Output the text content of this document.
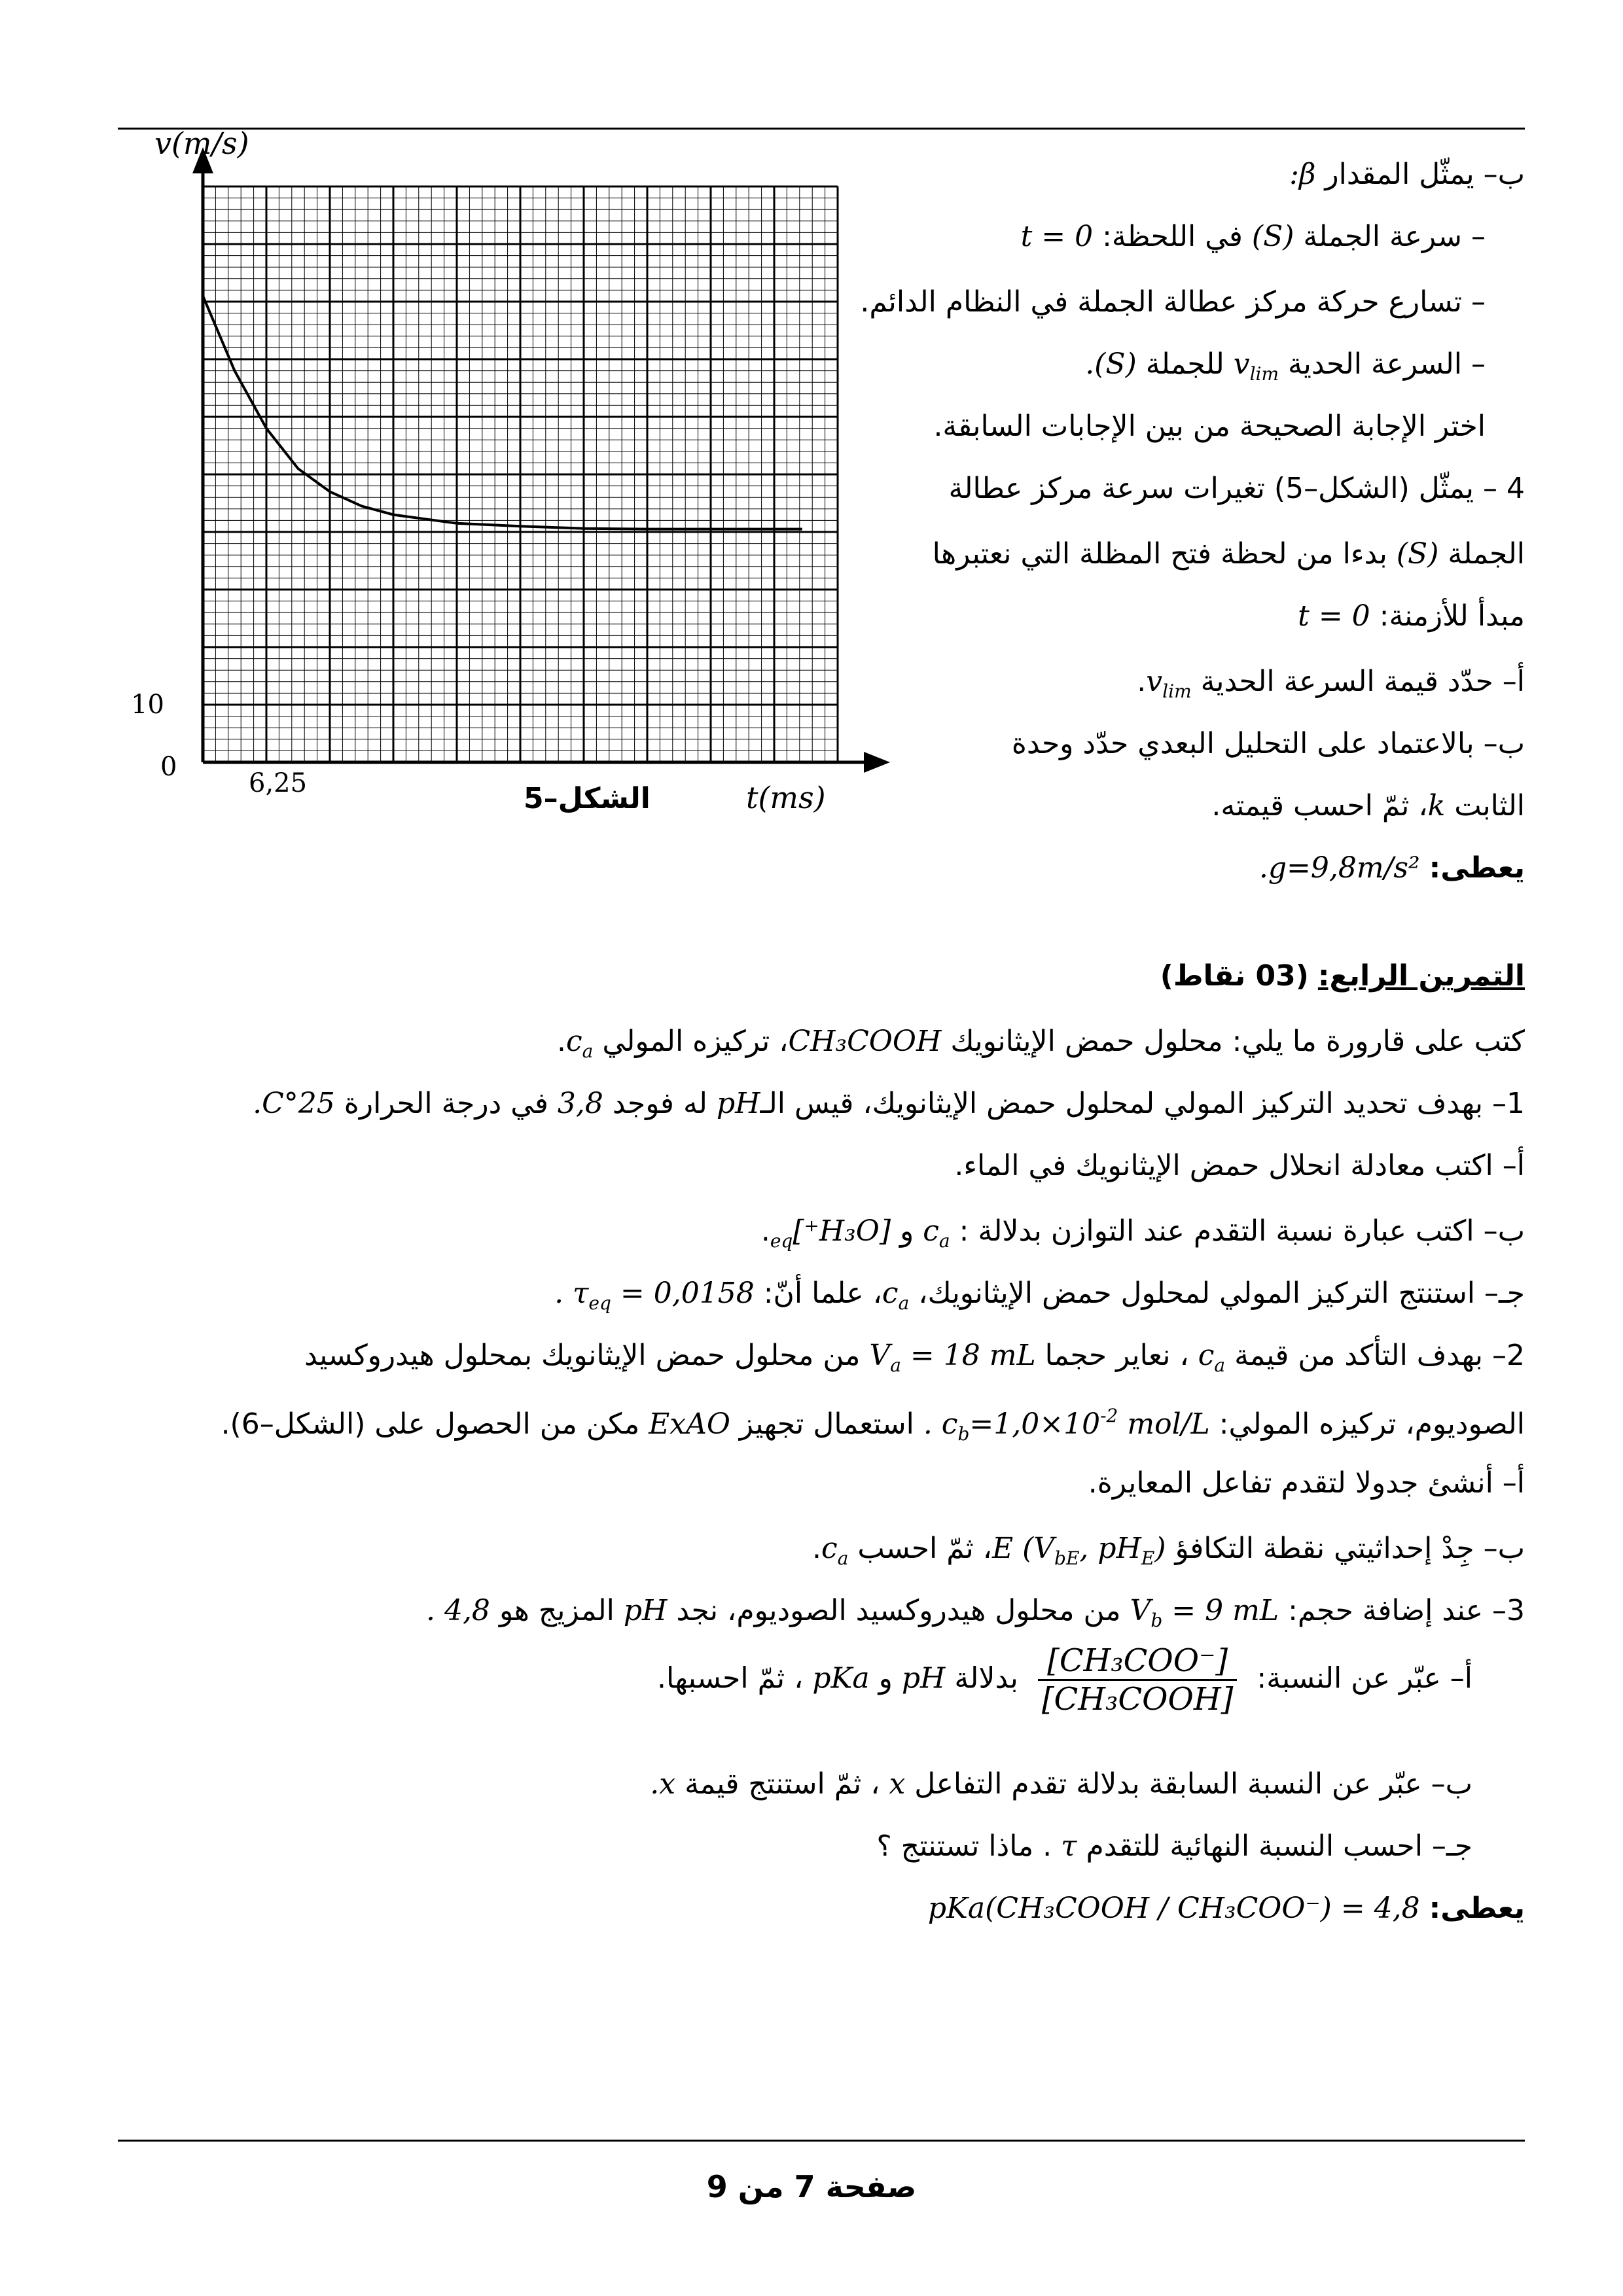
v(m/s)
t(ms)
10
0
6,25	الشكل–5
ب– يمثّل المقدار β:
– سرعة الجملة (S) في اللحظة: t = 0
– تسارع حركة مركز عطالة الجملة في النظام الدائم.
– السرعة الحدية $v_{lim}$ للجملة (S).
اختر الإجابة الصحيحة من بين الإجابات السابقة.
4 – يمثّل (الشكل–5) تغيرات سرعة مركز عطالة
الجملة (S) بدءا من لحظة فتح المظلة التي نعتبرها
مبدأ للأزمنة: t = 0
أ– حدّد قيمة السرعة الحدية $v_{lim}$.
ب– بالاعتماد على التحليل البعدي حدّد وحدة
الثابت k، ثمّ احسب قيمته.
يعطى: g=9,8m/s².
التمرين الرابع: (03 نقاط)
كتب على قارورة ما يلي: محلول حمض الإيثانويك CH₃COOH، تركيزه المولي $c_a$.
1– بهدف تحديد التركيز المولي لمحلول حمض الإيثانويك، قيس الـpH له فوجد 3,8 في درجة الحرارة 25°C.
أ– اكتب معادلة انحلال حمض الإيثانويك في الماء.
ب– اكتب عبارة نسبة التقدم عند التوازن بدلالة : $c_a$ و $[H_3O^+]_{eq}$.
جـ– استنتج التركيز المولي لمحلول حمض الإيثانويك، $c_a،$ علما أنّ: $\tau_{eq} = 0,0158$ .
2– بهدف التأكد من قيمة $c_a$ ، نعاير حجما $V_a = 18$ mL من محلول حمض الإيثانويك بمحلول هيدروكسيد
الصوديوم، تركيزه المولي: $c_b=1,0\times 10^{-2}$ mol/L . استعمال تجهيز ExAO مكن من الحصول على (الشكل–6).
أ– أنشئ جدولا لتقدم تفاعل المعايرة.
ب– جِدْ إحداثيتي نقطة التكافؤ E ($V_{bE}$, $pH_E)،$ ثمّ احسب $c_a$.
3– عند إضافة حجم: $V_b = 9$ mL من محلول هيدروكسيد الصوديوم، نجد pH المزيج هو 4,8 .
أ– عبّر عن النسبة:
$\frac{\text{[CH₃COO⁻]}}{\text{[CH₃COOH]}}$
بدلالة pH و pKa ، ثمّ احسبها.
ب– عبّر عن النسبة السابقة بدلالة تقدم التفاعل x ، ثمّ استنتج قيمة x.
جـ– احسب النسبة النهائية للتقدم τ . ماذا تستنتج ؟
يعطى: pKa(CH₃COOH / CH₃COO⁻) = 4,8
صفحة 7 من 9
